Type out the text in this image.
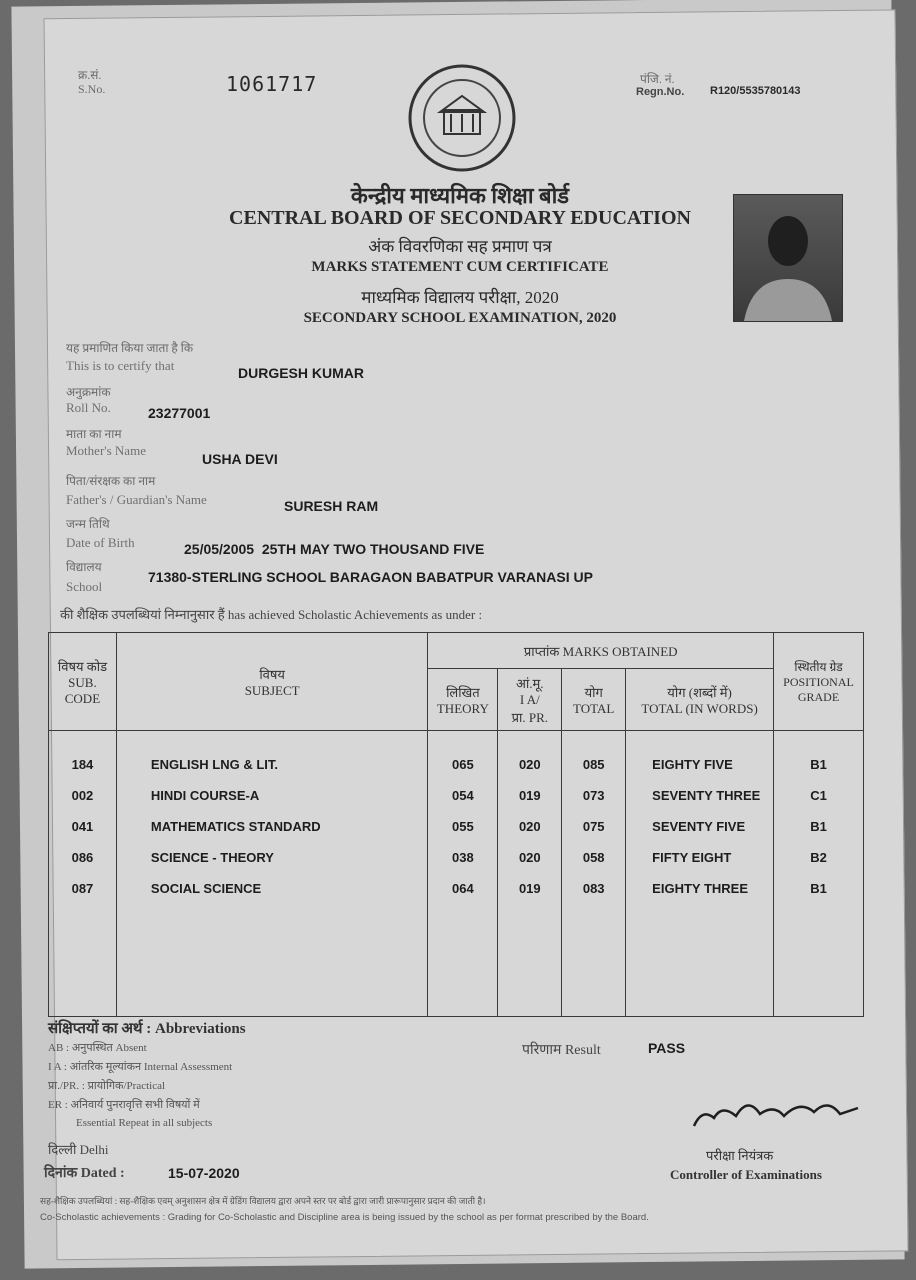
क्र.सं.
S.No.	1061717	पंजि. नं.
Regn.No. R120/5535780143
केन्द्रीय माध्यमिक शिक्षा बोर्ड
CENTRAL BOARD OF SECONDARY EDUCATION
अंक विवरणिका सह प्रमाण पत्र
MARKS STATEMENT CUM CERTIFICATE
माध्यमिक विद्यालय परीक्षा, 2020
SECONDARY SCHOOL EXAMINATION, 2020
यह प्रमाणित किया जाता है कि
This is to certify that	DURGESH KUMAR
अनुक्रमांक
Roll No.	23277001
माता का नाम
Mother's Name
USHA DEVI
पिता/संरक्षक का नाम
Father's / Guardian's Name	SURESH RAM
जन्म तिथि
Date of Birth	25/05/2005  25TH MAY TWO THOUSAND FIVE
विद्यालय
School
71380-STERLING SCHOOL BARAGAON BABATPUR VARANASI UP
की शैक्षिक उपलब्धियां निम्नानुसार हैं has achieved Scholastic Achievements as under :
विषय कोड
SUB. CODE	विषय
SUBJECT	प्राप्तांक MARKS OBTAINED				स्थितीय ग्रेड
POSITIONAL GRADE
		लिखित
THEORY	आं.मू.
I A/
प्रा. PR.	योग
TOTAL	योग (शब्दों में)
TOTAL (IN WORDS)	

184	ENGLISH LNG & LIT.	065	020	085	EIGHTY FIVE	B1
002	HINDI COURSE-A	054	019	073	SEVENTY THREE	C1
041	MATHEMATICS STANDARD	055	020	075	SEVENTY FIVE	B1
086	SCIENCE - THEORY	038	020	058	FIFTY EIGHT	B2
087	SOCIAL SCIENCE	064	019	083	EIGHTY THREE	B1

संक्षिप्तयों का अर्थ : Abbreviations
AB : अनुपस्थित Absent
I A : आंतरिक मूल्यांकन Internal Assessment
प्रा./PR. : प्रायोगिक/Practical
ER : अनिवार्य पुनरावृत्ति सभी विषयों में
Essential Repeat in all subjects
परिणाम Result	PASS
दिल्ली Delhi
दिनांक Dated :	15-07-2020
परीक्षा नियंत्रक
Controller of Examinations
सह-शैक्षिक उपलब्धियां : सह-शैक्षिक एवम् अनुशासन क्षेत्र में ग्रेडिंग विद्यालय द्वारा अपने स्तर पर बोर्ड द्वारा जारी प्रारूपानुसार प्रदान की जाती है।
Co-Scholastic achievements : Grading for Co-Scholastic and Discipline area is being issued by the school as per format prescribed by the Board.
